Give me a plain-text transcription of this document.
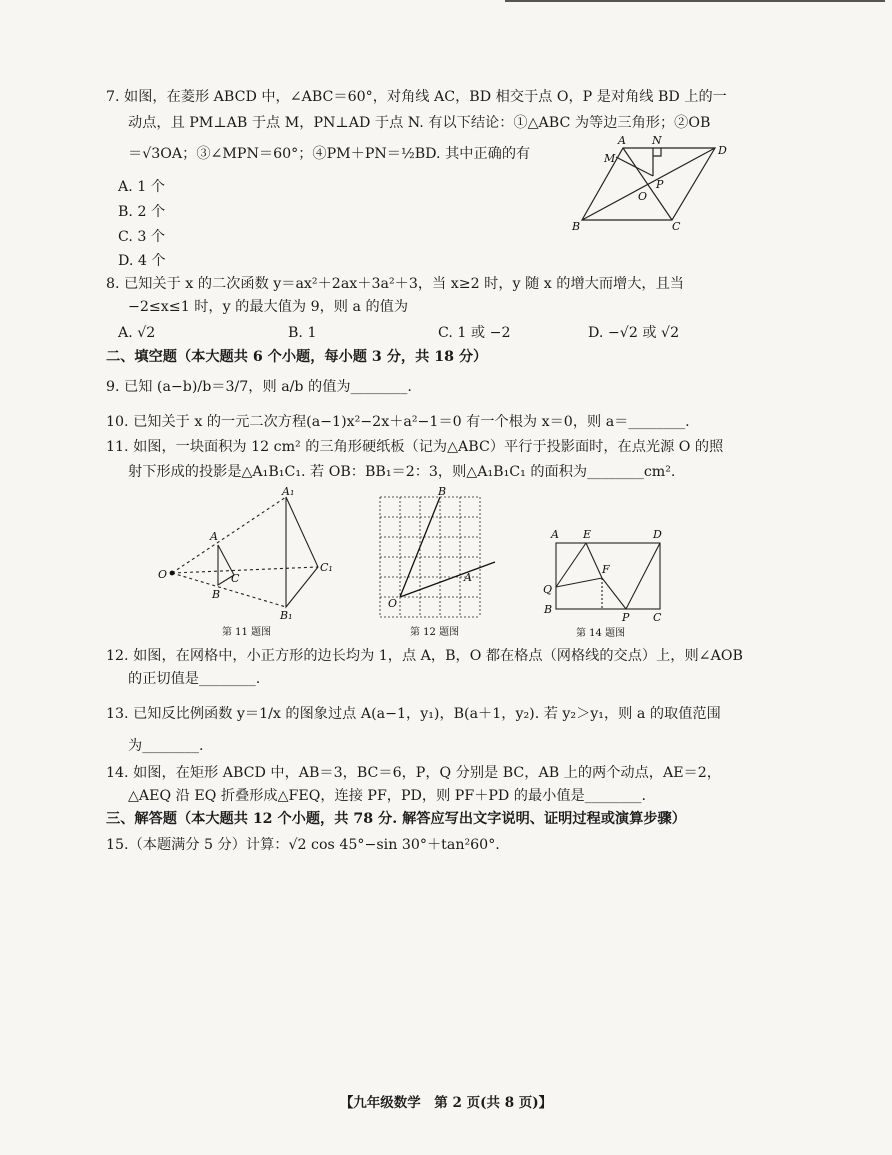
7. 如图，在菱形 ABCD 中，∠ABC＝60°，对角线 AC，BD 相交于点 O，P 是对角线 BD 上的一
动点，且 PM⊥AB 于点 M，PN⊥AD 于点 N. 有以下结论：①△ABC 为等边三角形；②OB
＝√3OA；③∠MPN＝60°；④PM＋PN＝½BD. 其中正确的有
A. 1 个
B. 2 个
C. 3 个
D. 4 个
A N
D
M
P
O
B	C
8. 已知关于 x 的二次函数 y＝ax²＋2ax＋3a²＋3，当 x≥2 时，y 随 x 的增大而增大，且当
−2≤x≤1 时，y 的最大值为 9，则 a 的值为
A. √2	B. 1	C. 1 或 −2	D. −√2 或 √2
二、填空题（本大题共 6 个小题，每小题 3 分，共 18 分）
9. 已知 (a−b)/b＝3/7，则 a/b 的值为________.
10. 已知关于 x 的一元二次方程(a−1)x²−2x＋a²−1＝0 有一个根为 x＝0，则 a＝________.
11. 如图，一块面积为 12 cm² 的三角形硬纸板（记为△ABC）平行于投影面时，在点光源 O 的照
射下形成的投影是△A₁B₁C₁. 若 OB：BB₁＝2：3，则△A₁B₁C₁ 的面积为________cm².
A₁
A
O	C
C₁
B
B₁
第 11 题图
B
A
O
第 12 题图
A E	D
F
Q
B
P C
第 14 题图
12. 如图，在网格中，小正方形的边长均为 1，点 A，B，O 都在格点（网格线的交点）上，则∠AOB
的正切值是________.
13. 已知反比例函数 y＝1/x 的图象过点 A(a−1，y₁)，B(a＋1，y₂). 若 y₂＞y₁，则 a 的取值范围
为________.
14. 如图，在矩形 ABCD 中，AB＝3，BC＝6，P，Q 分别是 BC，AB 上的两个动点，AE＝2，
△AEQ 沿 EQ 折叠形成△FEQ，连接 PF，PD，则 PF＋PD 的最小值是________.
三、解答题（本大题共 12 个小题，共 78 分. 解答应写出文字说明、证明过程或演算步骤）
15.（本题满分 5 分）计算：√2 cos 45°−sin 30°＋tan²60°.
【九年级数学　第 2 页(共 8 页)】
